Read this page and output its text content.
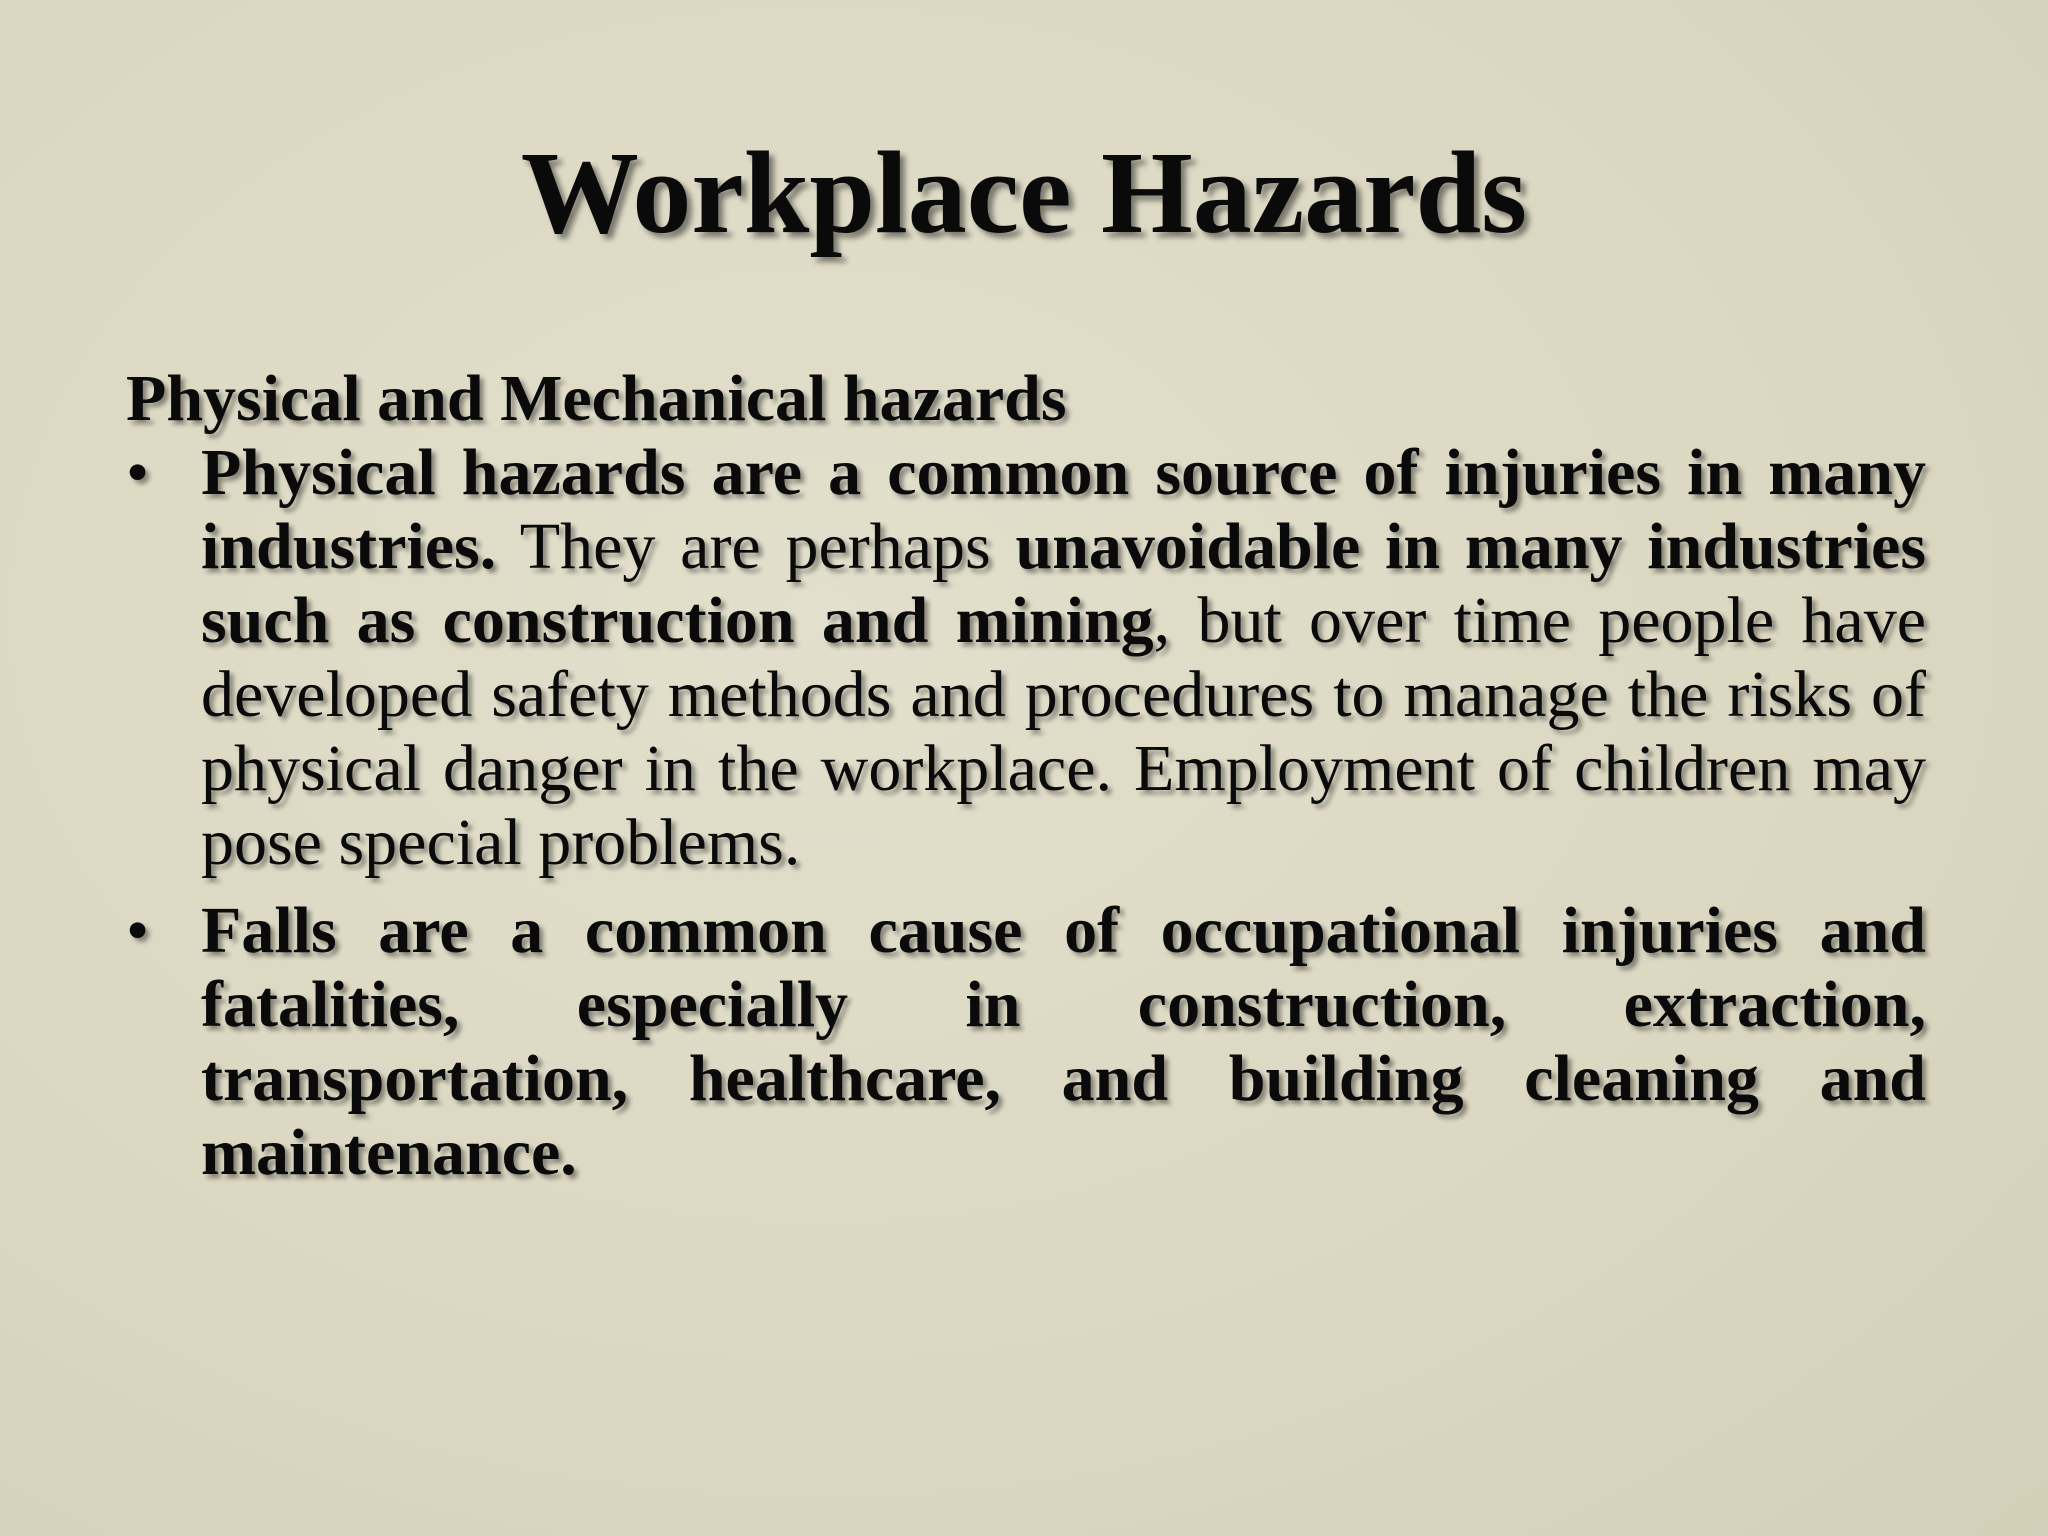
Workplace Hazards
Physical and Mechanical hazards
• Physical hazards are a common source of injuries in many industries. They are perhaps unavoidable in many industries such as construction and mining, but over time people have developed safety methods and procedures to manage the risks of physical danger in the workplace. Employment of children may pose special problems.
• Falls are a common cause of occupational injuries and fatalities, especially in construction, extraction, transportation, healthcare, and building cleaning and maintenance.
